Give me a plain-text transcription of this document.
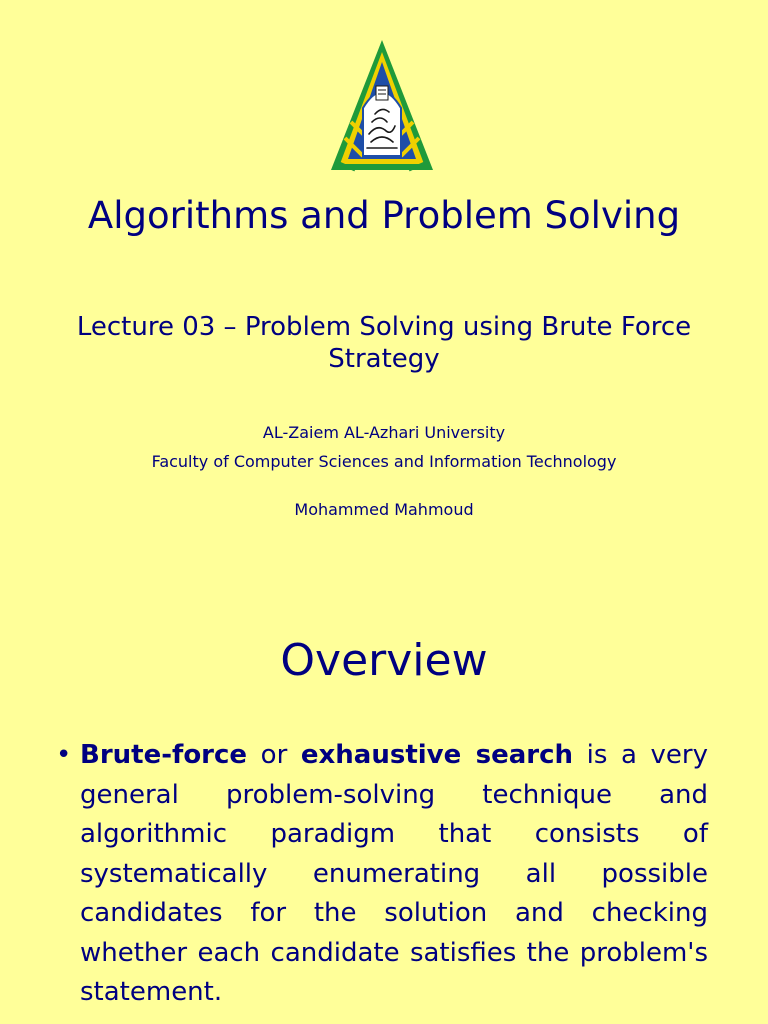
Algorithms and Problem Solving

Lecture 03 – Problem Solving using Brute Force Strategy

AL-Zaiem AL-Azhari University

Faculty of Computer Sciences and Information Technology

Mohammed Mahmoud

Overview
• Brute-force or exhaustive search is a very general problem-solving technique and algorithmic paradigm that consists of systematically enumerating all possible candidates for the solution and checking whether each candidate satisfies the problem's statement.
